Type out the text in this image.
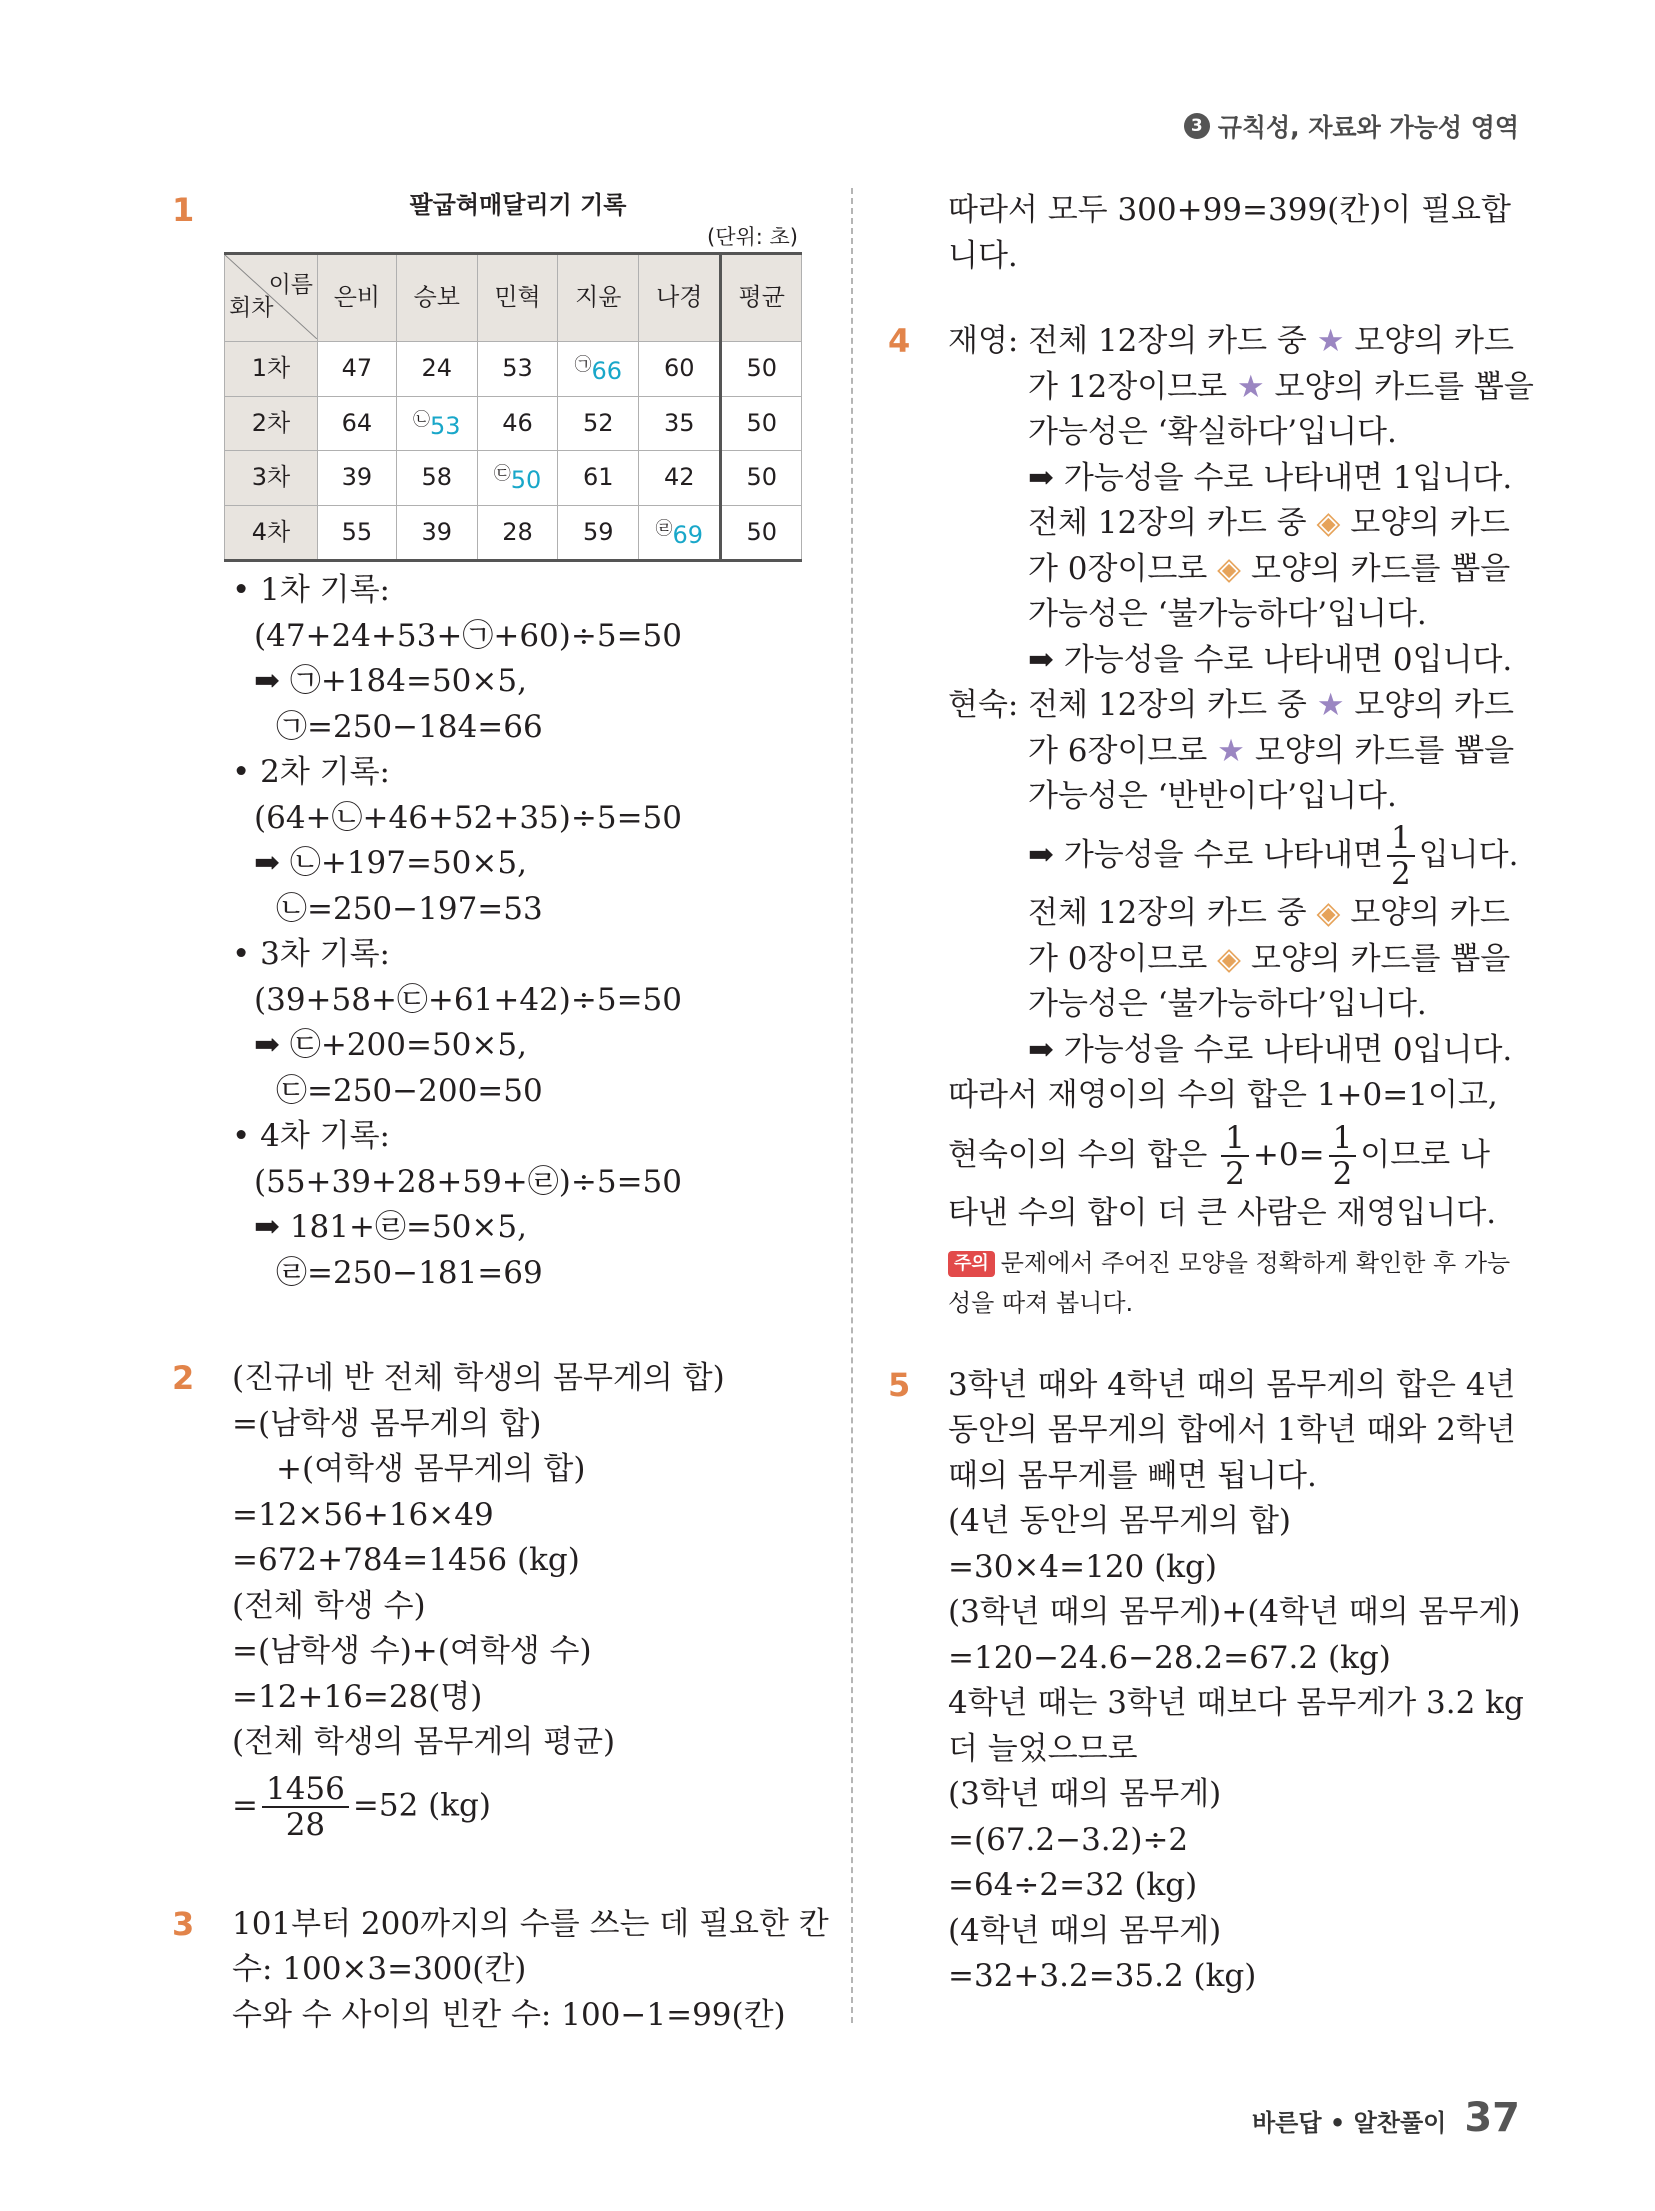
3 규칙성, 자료와 가능성 영역
1	팔굽혀매달리기 기록
(단위: 초)
이름
회차	은비	승보	민혁	지윤	나경	평균
1차	47	24	53	㉠66	60	50
2차	64	㉡53	46	52	35	50
3차	39	58	㉢50	61	42	50
4차	55	39	28	59	㉣69	50
• 1차 기록:
(47+24+53+㉠+60)÷5=50
➡ ㉠+184=50×5,
㉠=250−184=66
• 2차 기록:
(64+㉡+46+52+35)÷5=50
➡ ㉡+197=50×5,
㉡=250−197=53
• 3차 기록:
(39+58+㉢+61+42)÷5=50
➡ ㉢+200=50×5,
㉢=250−200=50
• 4차 기록:
(55+39+28+59+㉣)÷5=50
➡ 181+㉣=50×5,
㉣=250−181=69
2 (진규네 반 전체 학생의 몸무게의 합)
=(남학생 몸무게의 합)
+(여학생 몸무게의 합)
=12×56+16×49
=672+784=1456 (kg)
(전체 학생 수)
=(남학생 수)+(여학생 수)
=12+16=28(명)
(전체 학생의 몸무게의 평균)
= $\frac{1456}{28} =52$ (kg)
3 101부터 200까지의 수를 쓰는 데 필요한 칸
수: 100×3=300(칸)
수와 수 사이의 빈칸 수: 100−1=99(칸)
따라서 모두 300+99=399(칸)이 필요합
니다.
4 재영: 전체 12장의 카드 중 ★ 모양의 카드
가 12장이므로 ★ 모양의 카드를 뽑을
가능성은 ‘확실하다’입니다.
➡ 가능성을 수로 나타내면 1입니다.
전체 12장의 카드 중 ◈ 모양의 카드
가 0장이므로 ◈ 모양의 카드를 뽑을
가능성은 ‘불가능하다’입니다.
➡ 가능성을 수로 나타내면 0입니다.
현숙: 전체 12장의 카드 중 ★ 모양의 카드
가 6장이므로 ★ 모양의 카드를 뽑을
가능성은 ‘반반이다’입니다.
➡ 가능성을 수로 나타내면 $\frac{1}{2}$ 입니다.
전체 12장의 카드 중 ◈ 모양의 카드
가 0장이므로 ◈ 모양의 카드를 뽑을
가능성은 ‘불가능하다’입니다.
➡ 가능성을 수로 나타내면 0입니다.
따라서 재영이의 수의 합은 1+0=1이고,
현숙이의 수의 합은 $\frac{1}{2} +0= \frac{1}{2}$ 이므로 나
타낸 수의 합이 더 큰 사람은 재영입니다.
주의 문제에서 주어진 모양을 정확하게 확인한 후 가능성을 따져 봅니다.
5 3학년 때와 4학년 때의 몸무게의 합은 4년
동안의 몸무게의 합에서 1학년 때와 2학년
때의 몸무게를 빼면 됩니다.
(4년 동안의 몸무게의 합)
=30×4=120 (kg)
(3학년 때의 몸무게)+(4학년 때의 몸무게)
=120−24.6−28.2=67.2 (kg)
4학년 때는 3학년 때보다 몸무게가 3.2 kg
더 늘었으므로
(3학년 때의 몸무게)
=(67.2−3.2)÷2
=64÷2=32 (kg)
(4학년 때의 몸무게)
=32+3.2=35.2 (kg)
바른답 • 알찬풀이 37
